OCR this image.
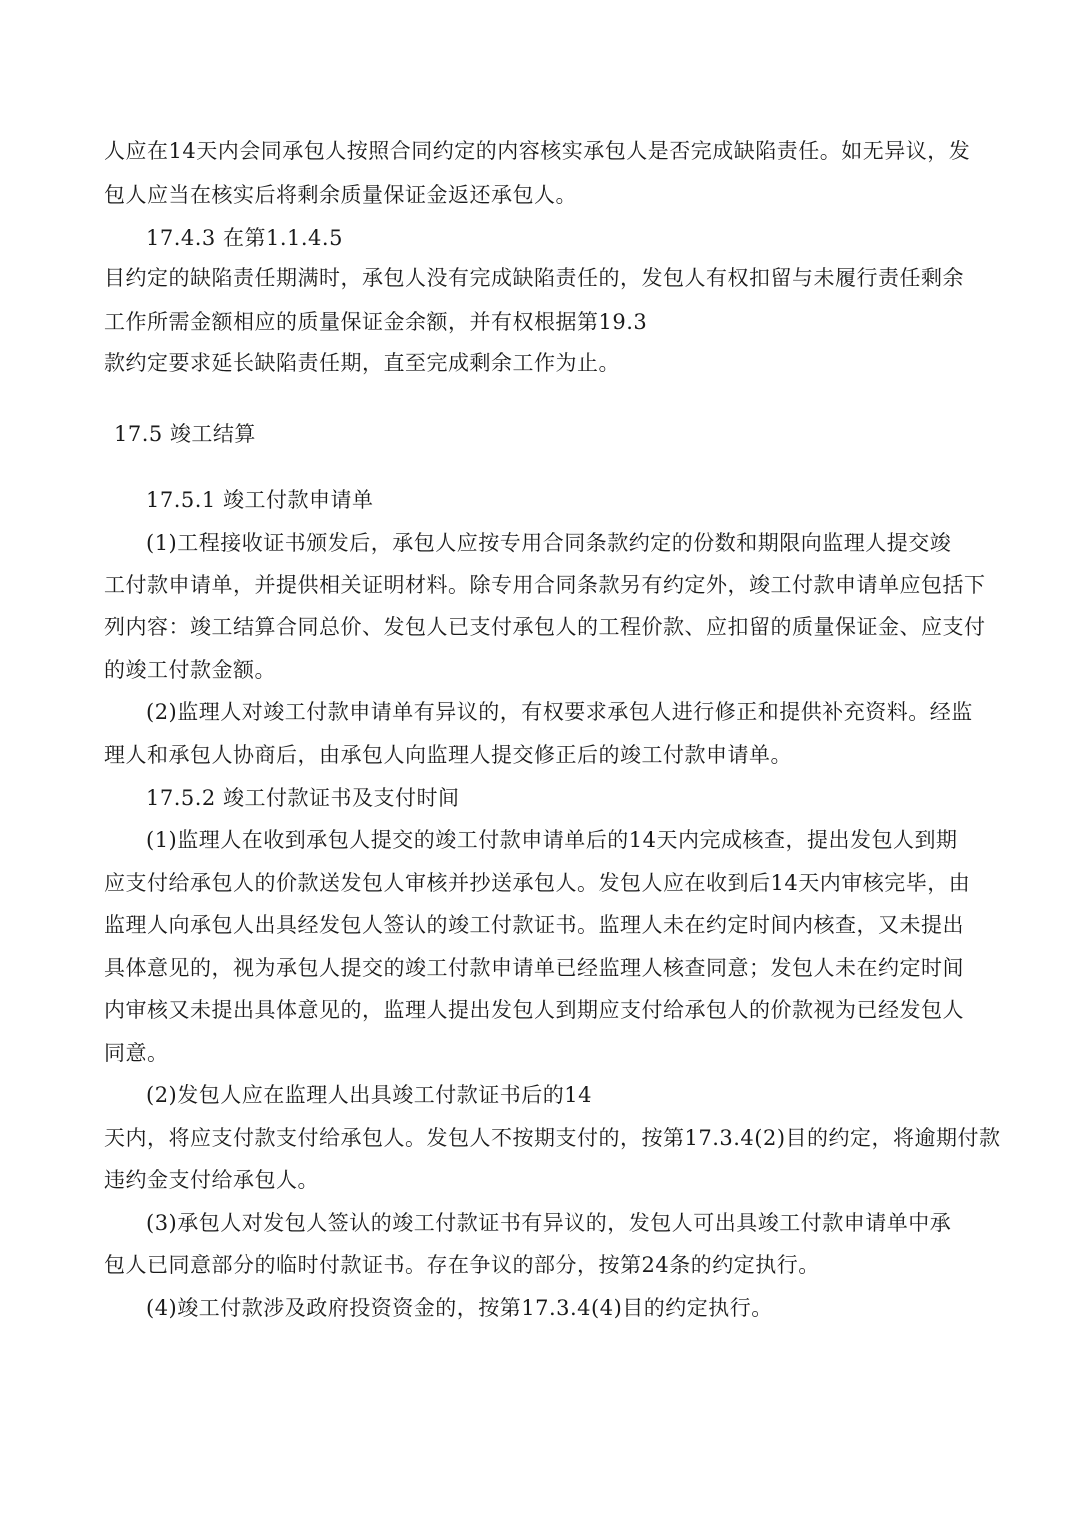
人应在14天内会同承包人按照合同约定的内容核实承包人是否完成缺陷责任。如无异议，发
包人应当在核实后将剩余质量保证金返还承包人。
17.4.3 在第1.1.4.5
目约定的缺陷责任期满时，承包人没有完成缺陷责任的，发包人有权扣留与未履行责任剩余
工作所需金额相应的质量保证金余额，并有权根据第19.3
款约定要求延长缺陷责任期，直至完成剩余工作为止。
17.5 竣工结算
17.5.1 竣工付款申请单
(1)工程接收证书颁发后，承包人应按专用合同条款约定的份数和期限向监理人提交竣
工付款申请单，并提供相关证明材料。除专用合同条款另有约定外，竣工付款申请单应包括下
列内容：竣工结算合同总价、发包人已支付承包人的工程价款、应扣留的质量保证金、应支付
的竣工付款金额。
(2)监理人对竣工付款申请单有异议的，有权要求承包人进行修正和提供补充资料。经监
理人和承包人协商后，由承包人向监理人提交修正后的竣工付款申请单。
17.5.2 竣工付款证书及支付时间
(1)监理人在收到承包人提交的竣工付款申请单后的14天内完成核查，提出发包人到期
应支付给承包人的价款送发包人审核并抄送承包人。发包人应在收到后14天内审核完毕，由
监理人向承包人出具经发包人签认的竣工付款证书。监理人未在约定时间内核查，又未提出
具体意见的，视为承包人提交的竣工付款申请单已经监理人核查同意；发包人未在约定时间
内审核又未提出具体意见的，监理人提出发包人到期应支付给承包人的价款视为已经发包人
同意。
(2)发包人应在监理人出具竣工付款证书后的14
天内，将应支付款支付给承包人。发包人不按期支付的，按第17.3.4(2)目的约定，将逾期付款
违约金支付给承包人。
(3)承包人对发包人签认的竣工付款证书有异议的，发包人可出具竣工付款申请单中承
包人已同意部分的临时付款证书。存在争议的部分，按第24条的约定执行。
(4)竣工付款涉及政府投资资金的，按第17.3.4(4)目的约定执行。
